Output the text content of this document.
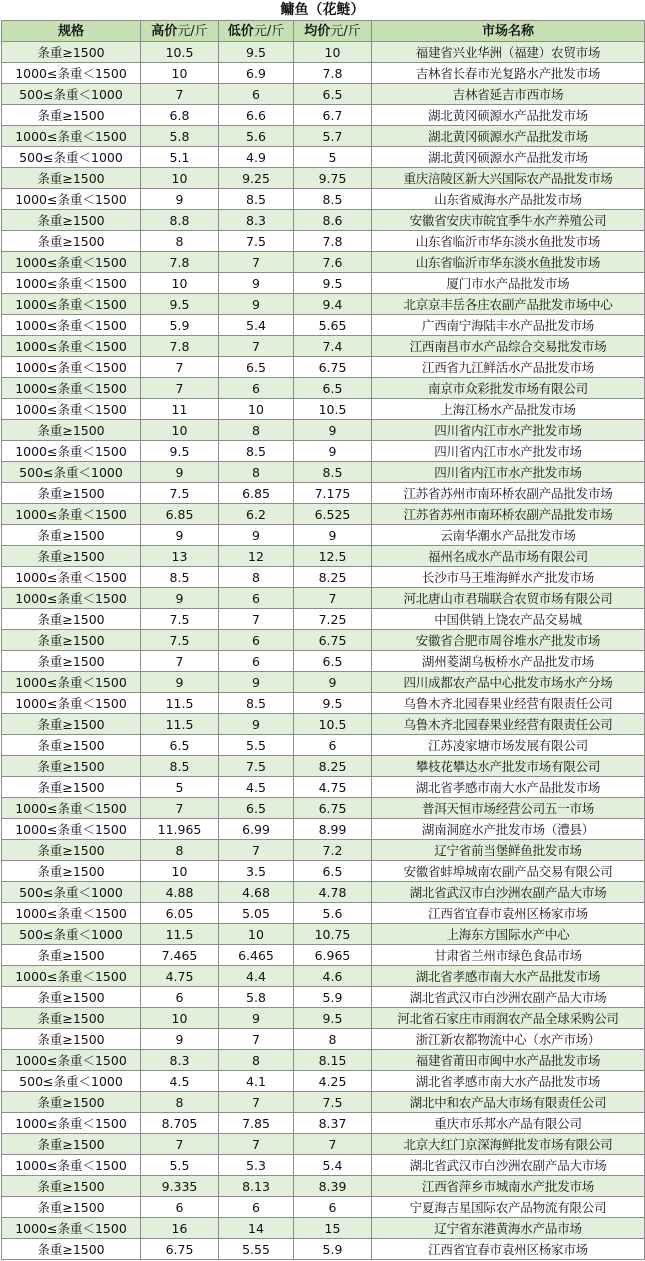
鳙鱼（花鲢）
规格	高价元/斤	低价元/斤	均价元/斤	市场名称
条重≥1500	10.5	9.5	10	福建省兴业华洲（福建）农贸市场
1000≤条重＜1500	10	6.9	7.8	吉林省长春市光复路水产批发市场
500≤条重＜1000	7	6	6.5	吉林省延吉市西市场
条重≥1500	6.8	6.6	6.7	湖北黄冈硕源水产品批发市场
1000≤条重＜1500	5.8	5.6	5.7	湖北黄冈硕源水产品批发市场
500≤条重＜1000	5.1	4.9	5	湖北黄冈硕源水产品批发市场
条重≥1500	10	9.25	9.75	重庆涪陵区新大兴国际农产品批发市场
1000≤条重＜1500	9	8.5	8.5	山东省威海水产品批发市场
条重≥1500	8.8	8.3	8.6	安徽省安庆市皖宜季牛水产养殖公司
条重≥1500	8	7.5	7.8	山东省临沂市华东淡水鱼批发市场
1000≤条重＜1500	7.8	7	7.6	山东省临沂市华东淡水鱼批发市场
1000≤条重＜1500	10	9	9.5	厦门市水产品批发市场
1000≤条重＜1500	9.5	9	9.4	北京京丰岳各庄农副产品批发市场中心
1000≤条重＜1500	5.9	5.4	5.65	广西南宁海陆丰水产品批发市场
1000≤条重＜1500	7.8	7	7.4	江西南昌市水产品综合交易批发市场
1000≤条重＜1500	7	6.5	6.75	江西省九江鲜活水产品批发市场
1000≤条重＜1500	7	6	6.5	南京市众彩批发市场有限公司
1000≤条重＜1500	11	10	10.5	上海江杨水产品批发市场
条重≥1500	10	8	9	四川省内江市水产批发市场
1000≤条重＜1500	9.5	8.5	9	四川省内江市水产批发市场
500≤条重＜1000	9	8	8.5	四川省内江市水产批发市场
条重≥1500	7.5	6.85	7.175	江苏省苏州市南环桥农副产品批发市场
1000≤条重＜1500	6.85	6.2	6.525	江苏省苏州市南环桥农副产品批发市场
条重≥1500	9	9	9	云南华潮水产品批发市场
条重≥1500	13	12	12.5	福州名成水产品市场有限公司
1000≤条重＜1500	8.5	8	8.25	长沙市马王堆海鲜水产批发市场
1000≤条重＜1500	9	6	7	河北唐山市君瑞联合农贸市场有限公司
条重≥1500	7.5	7	7.25	中国供销上饶农产品交易城
条重≥1500	7.5	6	6.75	安徽省合肥市周谷堆水产批发市场
条重≥1500	7	6	6.5	湖州菱湖乌板桥水产品批发市场
1000≤条重＜1500	9	9	9	四川成都农产品中心批发市场水产分场
1000≤条重＜1500	11.5	8.5	9.5	乌鲁木齐北园春果业经营有限责任公司
条重≥1500	11.5	9	10.5	乌鲁木齐北园春果业经营有限责任公司
条重≥1500	6.5	5.5	6	江苏凌家塘市场发展有限公司
条重≥1500	8.5	7.5	8.25	攀枝花攀达水产批发市场有限公司
条重≥1500	5	4.5	4.75	湖北省孝感市南大水产品批发市场
1000≤条重＜1500	7	6.5	6.75	普洱天恒市场经营公司五一市场
1000≤条重＜1500	11.965	6.99	8.99	湖南洞庭水产批发市场（澧县）
条重≥1500	8	7	7.2	辽宁省前当堡鲜鱼批发市场
条重≥1500	10	3.5	6.5	安徽省蚌埠城南农副产品交易有限公司
500≤条重＜1000	4.88	4.68	4.78	湖北省武汉市白沙洲农副产品大市场
1000≤条重＜1500	6.05	5.05	5.6	江西省宜春市袁州区杨家市场
500≤条重＜1000	11.5	10	10.75	上海东方国际水产中心
条重≥1500	7.465	6.465	6.965	甘肃省兰州市绿色食品市场
1000≤条重＜1500	4.75	4.4	4.6	湖北省孝感市南大水产品批发市场
条重≥1500	6	5.8	5.9	湖北省武汉市白沙洲农副产品大市场
条重≥1500	10	9	9.5	河北省石家庄市雨润农产品全球采购公司
条重≥1500	9	7	8	浙江新农都物流中心（水产市场）
1000≤条重＜1500	8.3	8	8.15	福建省莆田市闽中水产品批发市场
500≤条重＜1000	4.5	4.1	4.25	湖北省孝感市南大水产品批发市场
条重≥1500	8	7	7.5	湖北中和农产品大市场有限责任公司
1000≤条重＜1500	8.705	7.85	8.37	重庆市乐邦水产品有限公司
条重≥1500	7	7	7	北京大红门京深海鲜批发市场有限公司
1000≤条重＜1500	5.5	5.3	5.4	湖北省武汉市白沙洲农副产品大市场
条重≥1500	9.335	8.13	8.39	江西省萍乡市城南水产批发市场
条重≥1500	6	6	6	宁夏海吉星国际农产品物流有限公司
1000≤条重＜1500	16	14	15	辽宁省东港黄海水产品市场
条重≥1500	6.75	5.55	5.9	江西省宜春市袁州区杨家市场
